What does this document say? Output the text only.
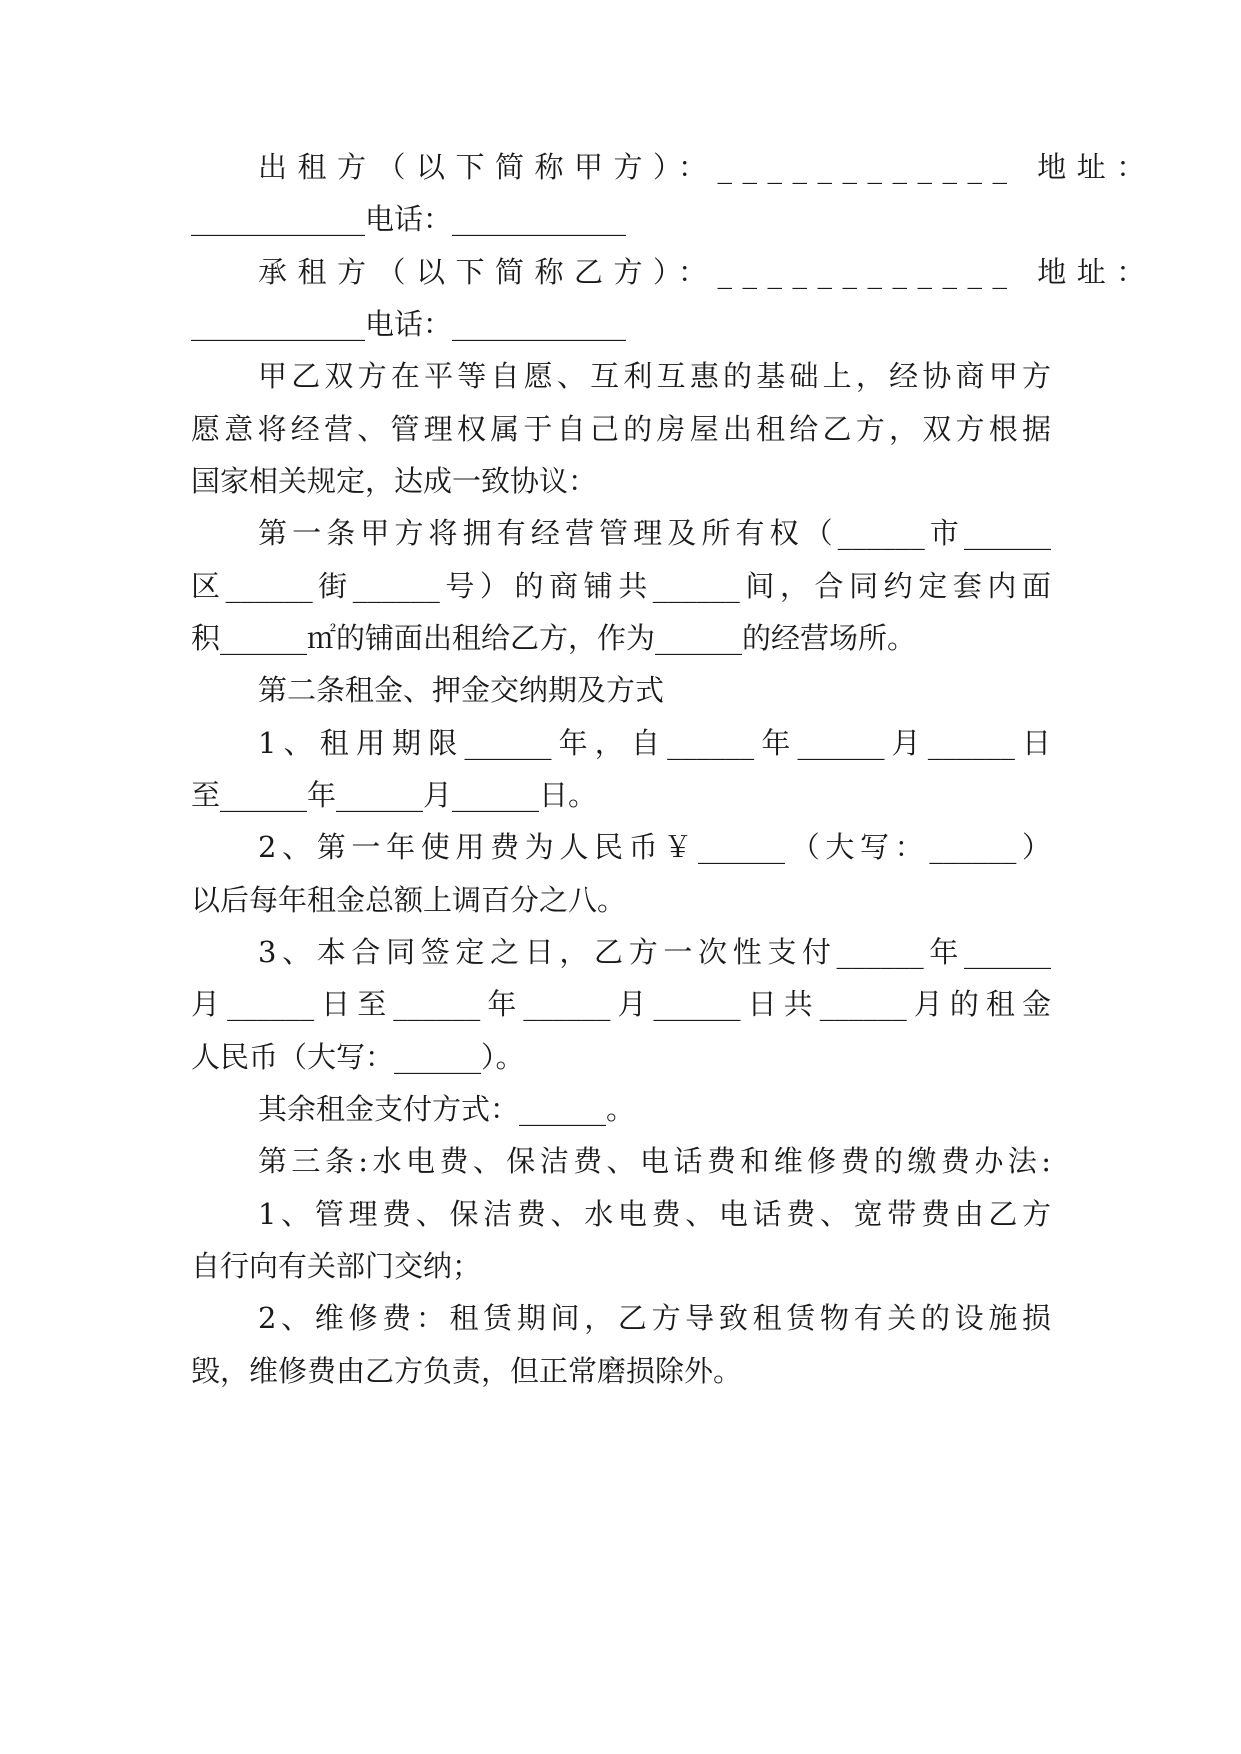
出租方（以下简称甲方）：____________ 地址：
____________电话：____________
承租方（以下简称乙方）：____________ 地址：
____________电话：____________
甲乙双方在平等自愿、互利互惠的基础上，经协商甲方
愿意将经营、管理权属于自己的房屋出租给乙方，双方根据
国家相关规定，达成一致协议：
第一条甲方将拥有经营管理及所有权（______市______
区______街______号）的商铺共______间，合同约定套内面
积______㎡的铺面出租给乙方，作为______的经营场所。
第二条租金、押金交纳期及方式
1、租用期限______年，自______年______月______日
至______年______月______日。
2、第一年使用费为人民币￥______（大写：______）
以后每年租金总额上调百分之八。
3、本合同签定之日，乙方一次性支付______年______
月______日至______年______月______日共______月的租金
人民币（大写：______）。
其余租金支付方式：______。
第三条:水电费、保洁费、电话费和维修费的缴费办法:
1、管理费、保洁费、水电费、电话费、宽带费由乙方
自行向有关部门交纳；
2、维修费：租赁期间，乙方导致租赁物有关的设施损
毁，维修费由乙方负责，但正常磨损除外。
